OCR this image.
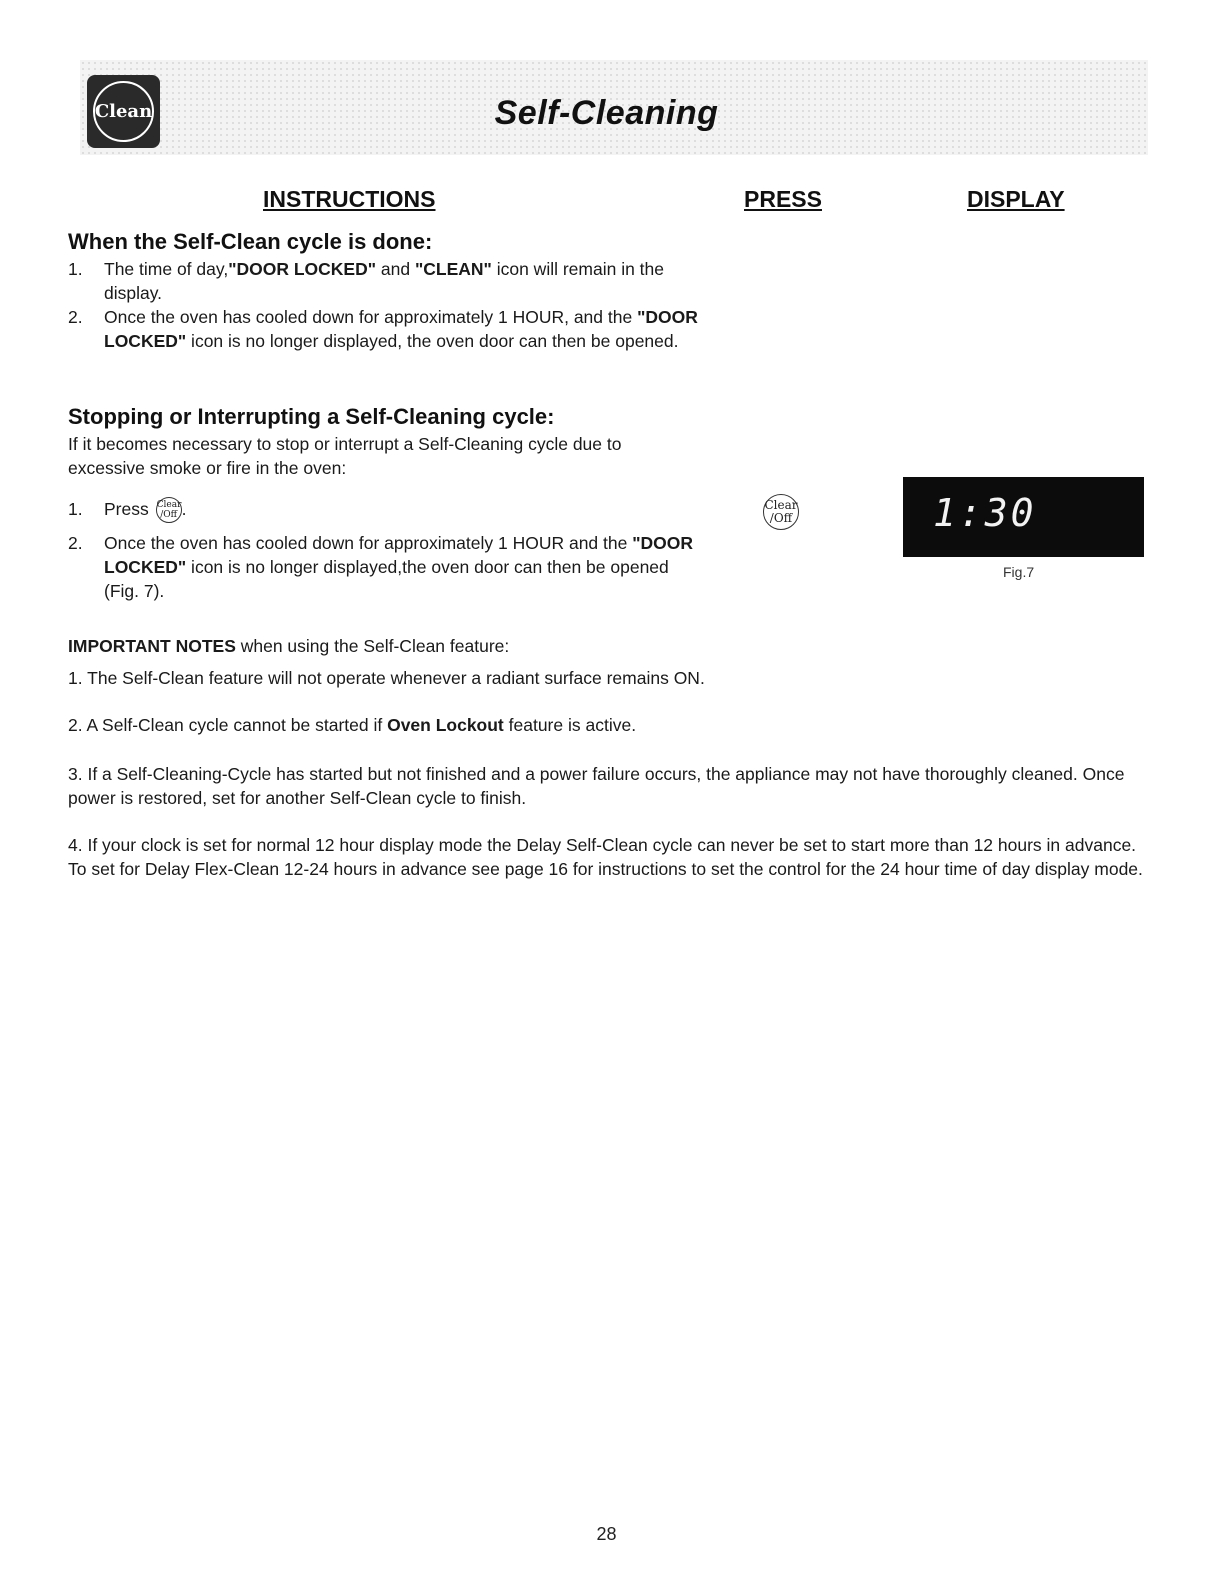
Clean	Self-Cleaning
INSTRUCTIONS	PRESS	DISPLAY
When the Self-Clean cycle is done:
1. The time of day,"DOOR LOCKED" and "CLEAN" icon will remain in the display.
2. Once the oven has cooled down for approximately 1 HOUR, and the "DOOR LOCKED" icon is no longer displayed, the oven door can then be opened.
Stopping or Interrupting a Self-Cleaning cycle:
If it becomes necessary to stop or interrupt a Self-Cleaning cycle due to excessive smoke or fire in the oven:
1. Press Clear
/Off .
2. Once the oven has cooled down for approximately 1 HOUR and the "DOOR LOCKED" icon is no longer displayed,the oven door can then be opened (Fig. 7).
Clear
/Off	1:30
Fig.7
IMPORTANT NOTES when using the Self-Clean feature:
1. The Self-Clean feature will not operate whenever a radiant surface remains ON.
2. A Self-Clean cycle cannot be started if Oven Lockout feature is active.
3. If a Self-Cleaning-Cycle has started but not finished and a power failure occurs, the appliance may not have thoroughly cleaned. Once power is restored, set for another Self-Clean cycle to finish.
4. If your clock is set for normal 12 hour display mode the Delay Self-Clean cycle can never be set to start more than 12 hours in advance. To set for Delay Flex-Clean 12-24 hours in advance see page 16 for instructions to set the control for the 24 hour time of day display mode.
28
